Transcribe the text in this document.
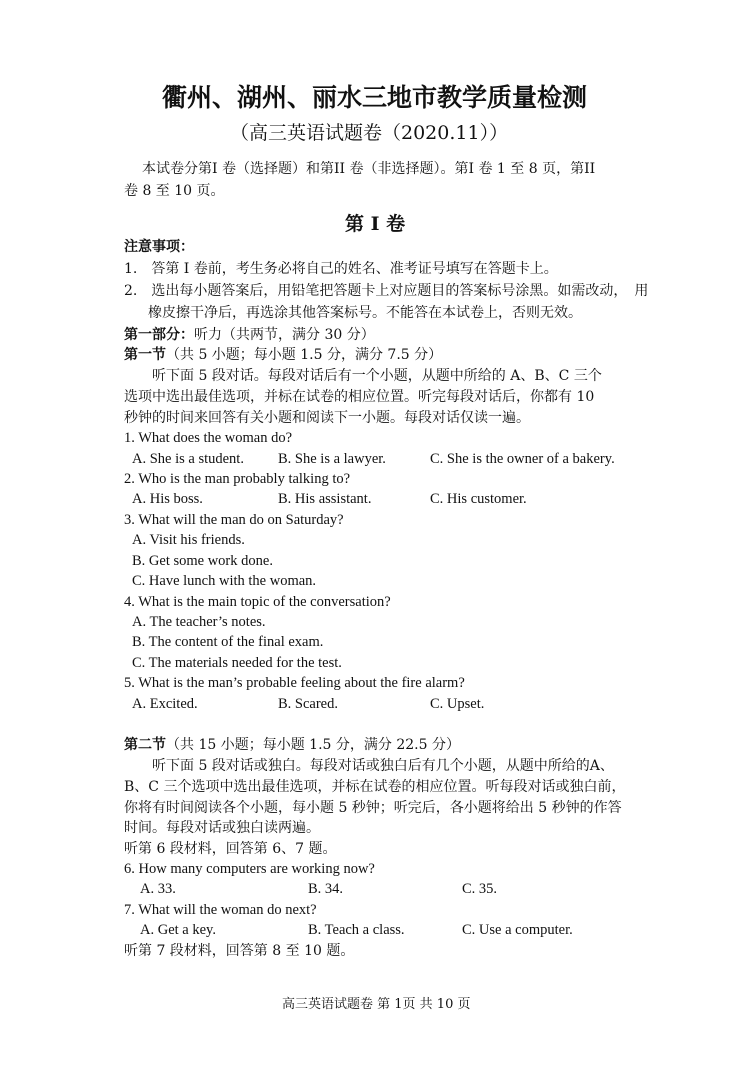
衢州、湖州、丽水三地市教学质量检测
（高三英语试题卷（2020.11））
本试卷分第I 卷（选择题）和第II 卷（非选择题）。第I 卷 1 至 8 页，第II
卷 8 至 10 页。
第 I 卷
注意事项：
1.　答第 I 卷前，考生务必将自己的姓名、准考证号填写在答题卡上。
2.　选出每小题答案后，用铅笔把答题卡上对应题目的答案标号涂黑。如需改动，　用
橡皮擦干净后，再选涂其他答案标号。不能答在本试卷上，否则无效。
第一部分：听力（共两节，满分 30 分）
第一节（共 5 小题；每小题 1.5 分，满分 7.5 分）
听下面 5 段对话。每段对话后有一个小题，从题中所给的 A、B、C 三个
选项中选出最佳选项，并标在试卷的相应位置。听完每段对话后，你都有 10
秒钟的时间来回答有关小题和阅读下一小题。每段对话仅读一遍。
1. What does the woman do?
A. She is a student. B. She is a lawyer.	C. She is the owner of a bakery.
2. Who is the man probably talking to?
A. His boss.	B. His assistant.	C. His customer.
3. What will the man do on Saturday?
A. Visit his friends.
B. Get some work done.
C. Have lunch with the woman.
4. What is the main topic of the conversation?
A. The teacher’s notes.
B. The content of the final exam.
C. The materials needed for the test.
5. What is the man’s probable feeling about the fire alarm?
A. Excited.	B. Scared.	C. Upset.
第二节（共 15 小题；每小题 1.5 分，满分 22.5 分）
听下面 5 段对话或独白。每段对话或独白后有几个小题，从题中所给的A、
B、C 三个选项中选出最佳选项，并标在试卷的相应位置。听每段对话或独白前，
你将有时间阅读各个小题，每小题 5 秒钟；听完后，各小题将给出 5 秒钟的作答
时间。每段对话或独白读两遍。
听第 6 段材料，回答第 6、7 题。
6. How many computers are working now?
A. 33.	B. 34.	C. 35.
7. What will the woman do next?
A. Get a key.	B. Teach a class.	C. Use a computer.
听第 7 段材料，回答第 8 至 10 题。
高三英语试题卷 第 1页 共 10 页
